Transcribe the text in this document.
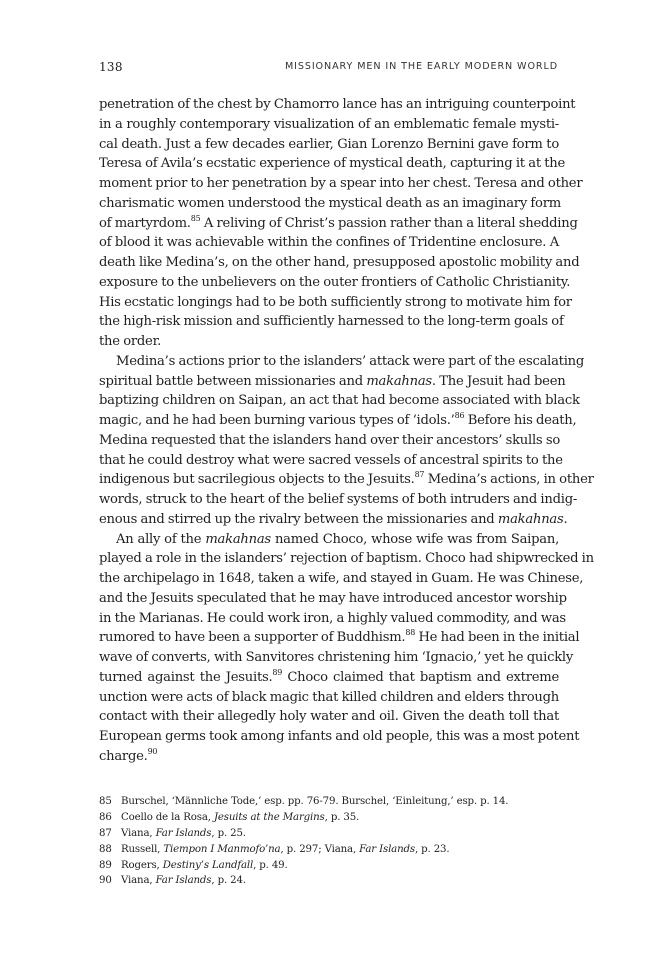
138	MISSIONARY MEN IN THE EARLY MODERN WORLD
penetration of the chest by Chamorro lance has an intriguing counterpoint
in a roughly contemporary visualization of an emblematic female mysti-
cal death. Just a few decades earlier, Gian Lorenzo Bernini gave form to
Teresa of Avila’s ecstatic experience of mystical death, capturing it at the
moment prior to her penetration by a spear into her chest. Teresa and other
charismatic women understood the mystical death as an imaginary form
of martyrdom.$^{85}$ A reliving of Christ’s passion rather than a literal shedding
of blood it was achievable within the confines of Tridentine enclosure. A
death like Medina’s, on the other hand, presupposed apostolic mobility and
exposure to the unbelievers on the outer frontiers of Catholic Christianity.
His ecstatic longings had to be both sufficiently strong to motivate him for
the high-risk mission and sufficiently harnessed to the long-term goals of
the order.
Medina’s actions prior to the islanders’ attack were part of the escalating
spiritual battle between missionaries and makahnas. The Jesuit had been
baptizing children on Saipan, an act that had become associated with black
magic, and he had been burning various types of ‘idols.’$^{86}$ Before his death,
Medina requested that the islanders hand over their ancestors’ skulls so
that he could destroy what were sacred vessels of ancestral spirits to the
indigenous but sacrilegious objects to the Jesuits.$^{87}$ Medina’s actions, in other
words, struck to the heart of the belief systems of both intruders and indig-
enous and stirred up the rivalry between the missionaries and makahnas.
An ally of the makahnas named Choco, whose wife was from Saipan,
played a role in the islanders’ rejection of baptism. Choco had shipwrecked in
the archipelago in 1648, taken a wife, and stayed in Guam. He was Chinese,
and the Jesuits speculated that he may have introduced ancestor worship
in the Marianas. He could work iron, a highly valued commodity, and was
rumored to have been a supporter of Buddhism.$^{88}$ He had been in the initial
wave of converts, with Sanvitores christening him ‘Ignacio,’ yet he quickly
turned against the Jesuits.$^{89}$ Choco claimed that baptism and extreme
unction were acts of black magic that killed children and elders through
contact with their allegedly holy water and oil. Given the death toll that
European germs took among infants and old people, this was a most potent
charge.$^{90}$
85 Burschel, ‘Männliche Tode,’ esp. pp. 76-79. Burschel, ‘Einleitung,’ esp. p. 14.
86 Coello de la Rosa, Jesuits at the Margins, p. 35.
87 Viana, Far Islands, p. 25.
88 Russell, Tiempon I Manmofo’na, p. 297; Viana, Far Islands, p. 23.
89 Rogers, Destiny’s Landfall, p. 49.
90 Viana, Far Islands, p. 24.
